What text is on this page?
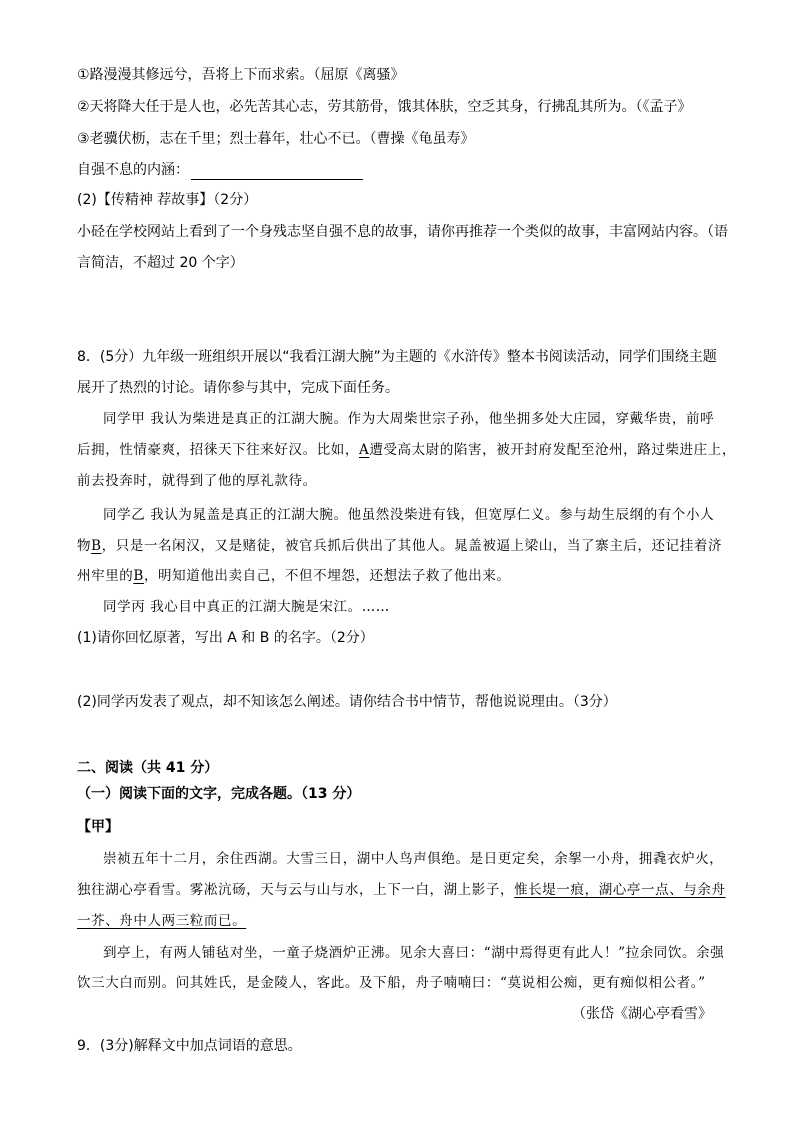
①路漫漫其修远兮，吾将上下而求索。（屈原《离骚》
②天将降大任于是人也，必先苦其心志，劳其筋骨，饿其体肤，空乏其身，行拂乱其所为。（《孟子》
③老骥伏枥，志在千里；烈士暮年，壮心不已。（曹操《龟虽寿》
自强不息的内涵：
(2)【传精神 荐故事】（2分）
小硁在学校网站上看到了一个身残志坚自强不息的故事，请你再推荐一个类似的故事，丰富网站内容。（语
言简洁，不超过 20 个字）
8．(5分）九年级一班组织开展以“我看江湖大腕”为主题的《水浒传》整本书阅读活动，同学们围绕主题
展开了热烈的讨论。请你参与其中，完成下面任务。
同学甲 我认为柴进是真正的江湖大腕。作为大周柴世宗子孙，他坐拥多处大庄园，穿戴华贵，前呼
后拥，性情豪爽，招徕天下往来好汉。比如，A遭受高太尉的陷害，被开封府发配至沧州，路过柴进庄上，
前去投奔时，就得到了他的厚礼款待。
同学乙 我认为晁盖是真正的江湖大腕。他虽然没柴进有钱，但宽厚仁义。参与劫生辰纲的有个小人
物B，只是一名闲汉，又是赌徒，被官兵抓后供出了其他人。晁盖被逼上梁山，当了寨主后，还记挂着济
州牢里的B，明知道他出卖自己，不但不埋怨，还想法子救了他出来。
同学丙 我心目中真正的江湖大腕是宋江。……
(1)请你回忆原著，写出 A 和 B 的名字。（2分）
(2)同学丙发表了观点，却不知该怎么阐述。请你结合书中情节，帮他说说理由。（3分）
二、阅读（共 41 分）
（一）阅读下面的文字，完成各题。（13 分）
【甲】
崇祯五年十二月，余住西湖。大雪三日，湖中人鸟声俱绝。是日更定矣，余挐一小舟，拥毳衣炉火，
独往湖心亭看雪。雾凇沆砀，天与云与山与水，上下一白，湖上影子，惟长堤一痕，湖心亭一点、与余舟
一芥、舟中人两三粒而已。
到亭上，有两人铺毡对坐，一童子烧酒炉正沸。见余大喜曰：“湖中焉得更有此人！”拉余同饮。余强
饮三大白而别。问其姓氏，是金陵人，客此。及下船，舟子喃喃曰：“莫说相公痴，更有痴似相公者。”
（张岱《湖心亭看雪》
9．(3分)解释文中加点词语的意思。
